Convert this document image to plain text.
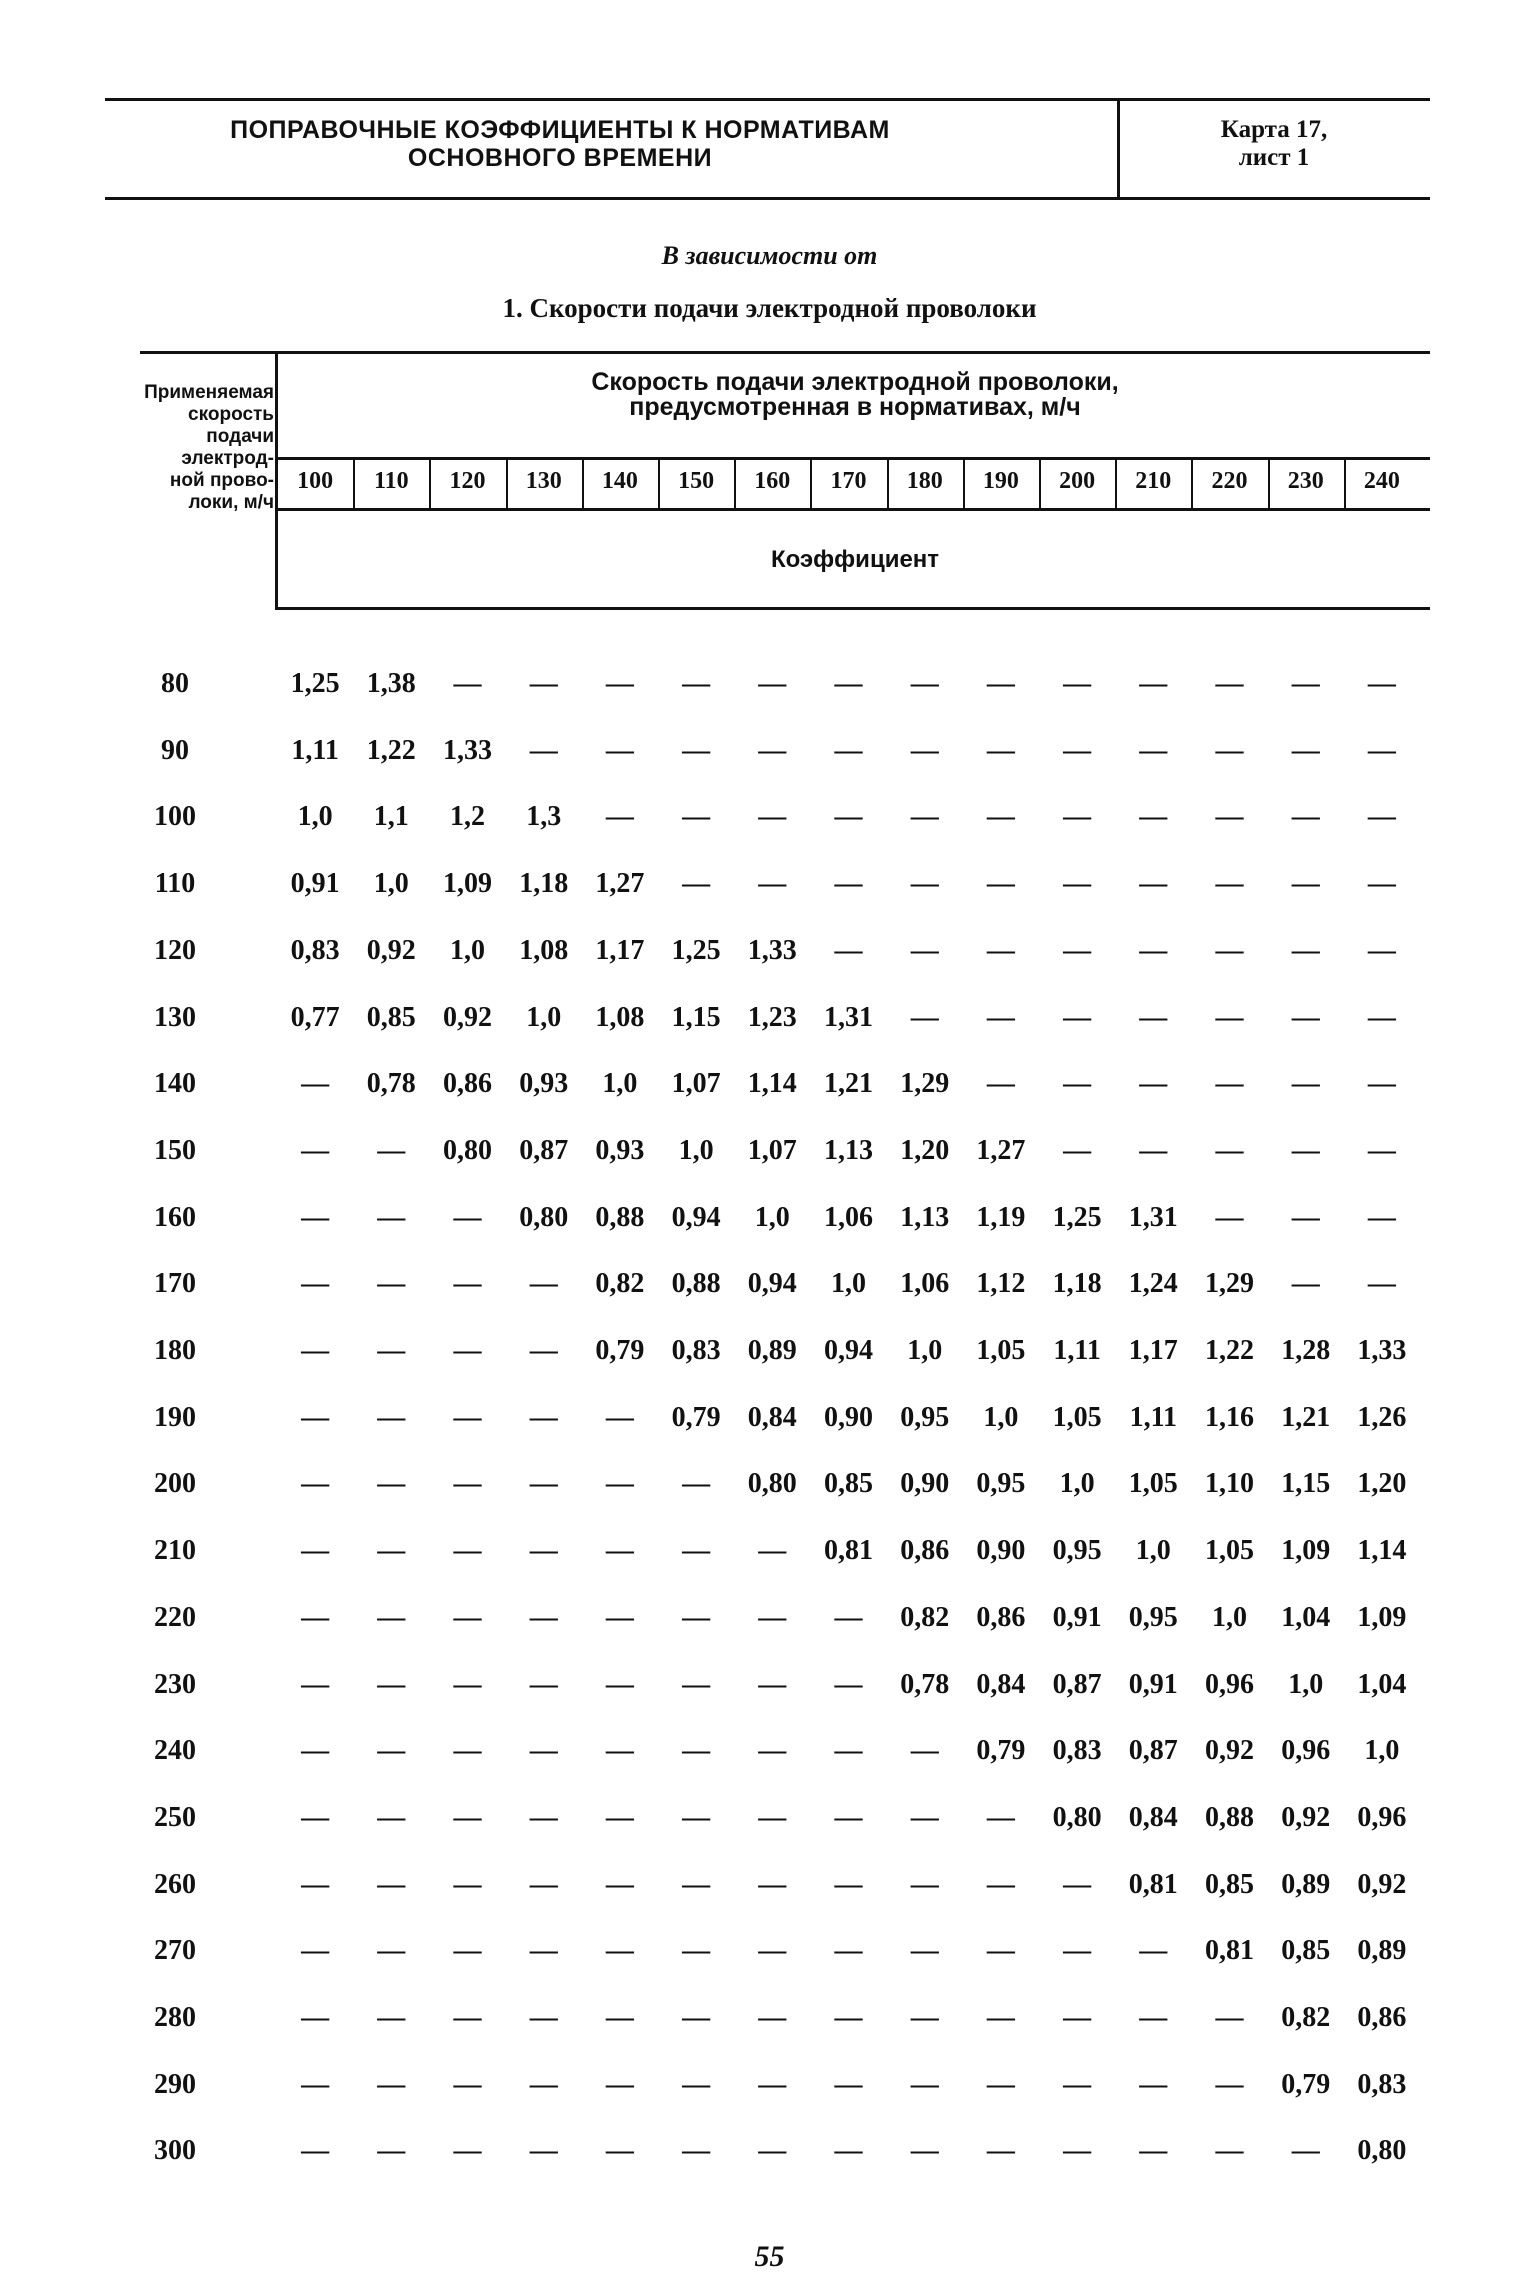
ПОПРАВОЧНЫЕ КОЭФФИЦИЕНТЫ К НОРМАТИВАМ
ОСНОВНОГО ВРЕМЕНИ
Карта 17,
лист 1
В зависимости от
1. Скорости подачи электродной проволоки
Применяемая
скорость
подачи
электрод-
ной прово-
локи, м/ч
Скорость подачи электродной проволоки,
предусмотренная в нормативах, м/ч
Коэффициент
100	110	120	130	140	150	160	170	180	190	200	210	220	230	240
80	1,25 1,38	—	—	—	—	—	—	—	—	—	—	—	—	—
90	1,11 1,22 1,33	—	—	—	—	—	—	—	—	—	—	—	—
100	1,0	1,1	1,2	1,3	—	—	—	—	—	—	—	—	—	—	—
110	0,91	1,0	1,09 1,18 1,27	—	—	—	—	—	—	—	—	—	—
120	0,83 0,92	1,0	1,08 1,17 1,25 1,33	—	—	—	—	—	—	—	—
130	0,77 0,85 0,92	1,0	1,08 1,15 1,23 1,31	—	—	—	—	—	—	—
140	—	0,78 0,86 0,93	1,0	1,07 1,14 1,21 1,29	—	—	—	—	—	—
150	—	—	0,80 0,87 0,93	1,0	1,07 1,13 1,20 1,27	—	—	—	—	—
160	—	—	—	0,80 0,88 0,94	1,0	1,06 1,13 1,19 1,25 1,31	—	—	—
170	—	—	—	—	0,82 0,88 0,94	1,0	1,06 1,12 1,18 1,24 1,29	—	—
180	—	—	—	—	0,79 0,83 0,89 0,94	1,0	1,05 1,11 1,17 1,22 1,28 1,33
190	—	—	—	—	—	0,79 0,84 0,90 0,95	1,0	1,05 1,11 1,16 1,21 1,26
200	—	—	—	—	—	—	0,80 0,85 0,90 0,95	1,0	1,05 1,10 1,15 1,20
210	—	—	—	—	—	—	—	0,81 0,86 0,90 0,95	1,0	1,05 1,09 1,14
220	—	—	—	—	—	—	—	—	0,82 0,86 0,91 0,95	1,0	1,04 1,09
230	—	—	—	—	—	—	—	—	0,78 0,84 0,87 0,91 0,96	1,0	1,04
240	—	—	—	—	—	—	—	—	—	0,79 0,83 0,87 0,92 0,96	1,0
250	—	—	—	—	—	—	—	—	—	—	0,80 0,84 0,88 0,92 0,96
260	—	—	—	—	—	—	—	—	—	—	—	0,81 0,85 0,89 0,92
270	—	—	—	—	—	—	—	—	—	—	—	—	0,81 0,85 0,89
280	—	—	—	—	—	—	—	—	—	—	—	—	—	0,82 0,86
290	—	—	—	—	—	—	—	—	—	—	—	—	—	0,79 0,83
300	—	—	—	—	—	—	—	—	—	—	—	—	—	—	0,80
55
